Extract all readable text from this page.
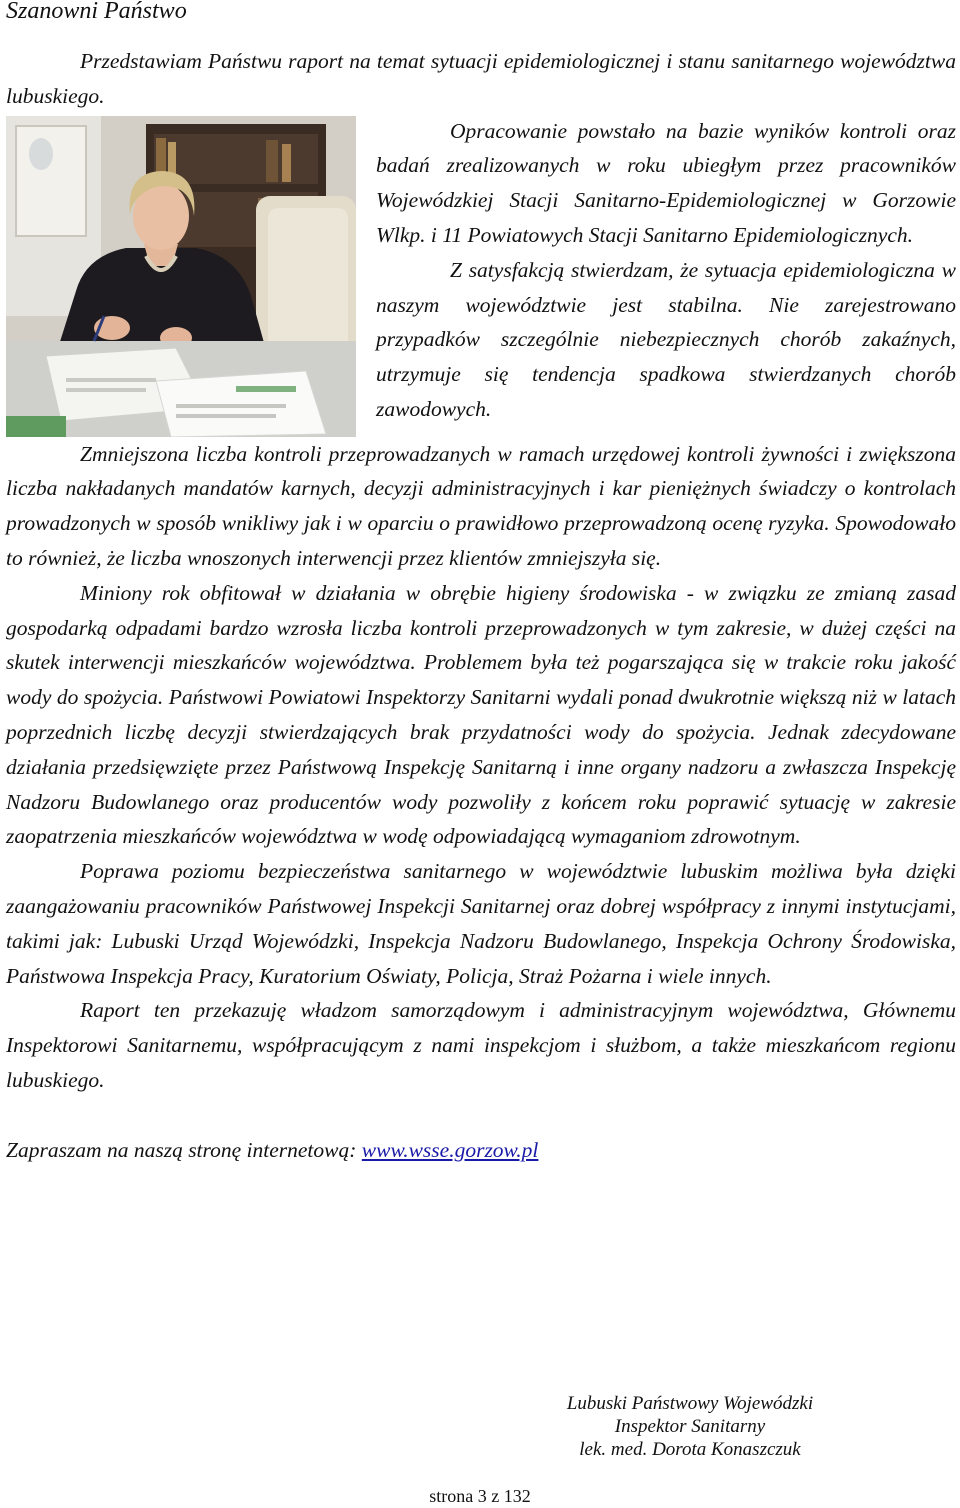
Szanowni Państwo

Przedstawiam Państwu raport na temat sytuacji epidemiologicznej i stanu sanitarnego województwa lubuskiego.

Opracowanie powstało na bazie wyników kontroli oraz badań zrealizowanych w roku ubiegłym przez pracowników Wojewódzkiej Stacji Sanitarno-Epidemiologicznej w Gorzowie Wlkp. i 11 Powiatowych Stacji Sanitarno Epidemiologicznych.

Z satysfakcją stwierdzam, że sytuacja epidemiologiczna w naszym województwie jest stabilna. Nie zarejestrowano przypadków szczególnie niebezpiecznych chorób zakaźnych, utrzymuje się tendencja spadkowa stwierdzanych chorób zawodowych.

Zmniejszona liczba kontroli przeprowadzanych w ramach urzędowej kontroli żywności i zwiększona liczba nakładanych mandatów karnych, decyzji administracyjnych i kar pieniężnych świadczy o kontrolach prowadzonych w sposób wnikliwy jak i w oparciu o prawidłowo przeprowadzoną ocenę ryzyka. Spowodowało to również, że liczba wnoszonych interwencji przez klientów zmniejszyła się.

Miniony rok obfitował w działania w obrębie higieny środowiska - w związku ze zmianą zasad gospodarką odpadami bardzo wzrosła liczba kontroli przeprowadzonych w tym zakresie, w dużej części na skutek interwencji mieszkańców województwa. Problemem była też pogarszająca się w trakcie roku jakość wody do spożycia. Państwowi Powiatowi Inspektorzy Sanitarni wydali ponad dwukrotnie większą niż w latach poprzednich liczbę decyzji stwierdzających brak przydatności wody do spożycia. Jednak zdecydowane działania przedsięwzięte przez Państwową Inspekcję Sanitarną i inne organy nadzoru a zwłaszcza Inspekcję Nadzoru Budowlanego oraz producentów wody pozwoliły z końcem roku poprawić sytuację w zakresie zaopatrzenia mieszkańców województwa w wodę odpowiadającą wymaganiom zdrowotnym.

Poprawa poziomu bezpieczeństwa sanitarnego w województwie lubuskim możliwa była dzięki zaangażowaniu pracowników Państwowej Inspekcji Sanitarnej oraz dobrej współpracy z innymi instytucjami, takimi jak: Lubuski Urząd Wojewódzki, Inspekcja Nadzoru Budowlanego, Inspekcja Ochrony Środowiska, Państwowa Inspekcja Pracy, Kuratorium Oświaty, Policja, Straż Pożarna i wiele innych.

Raport ten przekazuję władzom samorządowym i administracyjnym województwa, Głównemu Inspektorowi Sanitarnemu, współpracującym z nami inspekcjom i służbom, a także mieszkańcom regionu lubuskiego.

Zapraszam na naszą stronę internetową: www.wsse.gorzow.pl

Lubuski Państwowy Wojewódzki
Inspektor Sanitarny
lek. med. Dorota Konaszczuk
strona 3 z 132
